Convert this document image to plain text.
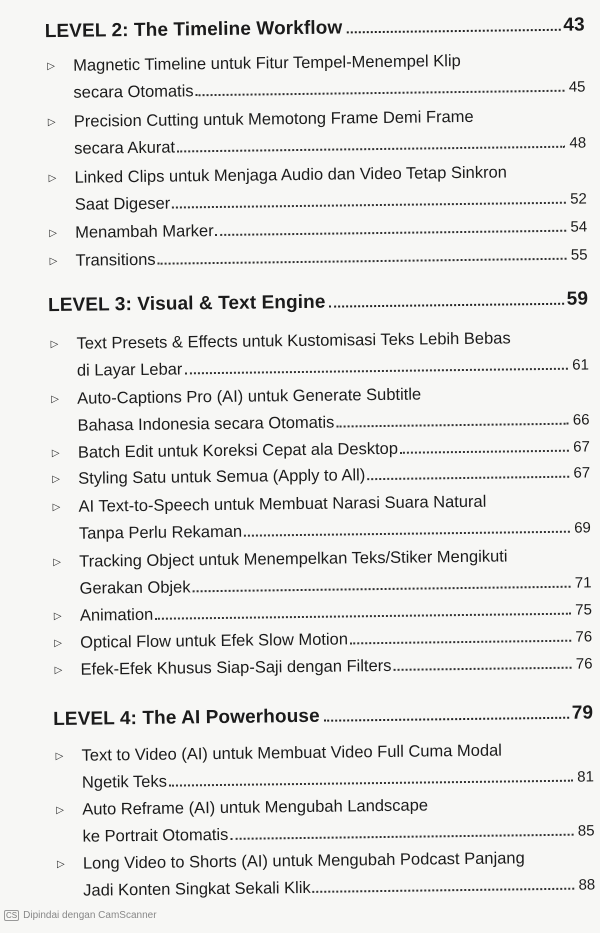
LEVEL 2: The Timeline Workflow	43
▷	Magnetic Timeline untuk Fitur Tempel-Menempel Klip
secara Otomatis	45
▷	Precision Cutting untuk Memotong Frame Demi Frame
secara Akurat	48
▷	Linked Clips untuk Menjaga Audio dan Video Tetap Sinkron
Saat Digeser	52
▷ Menambah Marker	54
▷ Transitions	55
LEVEL 3: Visual & Text Engine	59
▷	Text Presets & Effects untuk Kustomisasi Teks Lebih Bebas
di Layar Lebar	61
▷	Auto-Captions Pro (AI) untuk Generate Subtitle
Bahasa Indonesia secara Otomatis	66
▷ Batch Edit untuk Koreksi Cepat ala Desktop	67
▷ Styling Satu untuk Semua (Apply to All)	67
▷	AI Text-to-Speech untuk Membuat Narasi Suara Natural
Tanpa Perlu Rekaman	69
▷	Tracking Object untuk Menempelkan Teks/Stiker Mengikuti
Gerakan Objek	71
▷ Animation	75
▷ Optical Flow untuk Efek Slow Motion	76
▷ Efek-Efek Khusus Siap-Saji dengan Filters	76
LEVEL 4: The AI Powerhouse	79
▷	Text to Video (AI) untuk Membuat Video Full Cuma Modal
Ngetik Teks	81
▷	Auto Reframe (AI) untuk Mengubah Landscape
ke Portrait Otomatis	85
▷	Long Video to Shorts (AI) untuk Mengubah Podcast Panjang
Jadi Konten Singkat Sekali Klik	88
CS Dipindai dengan CamScanner
